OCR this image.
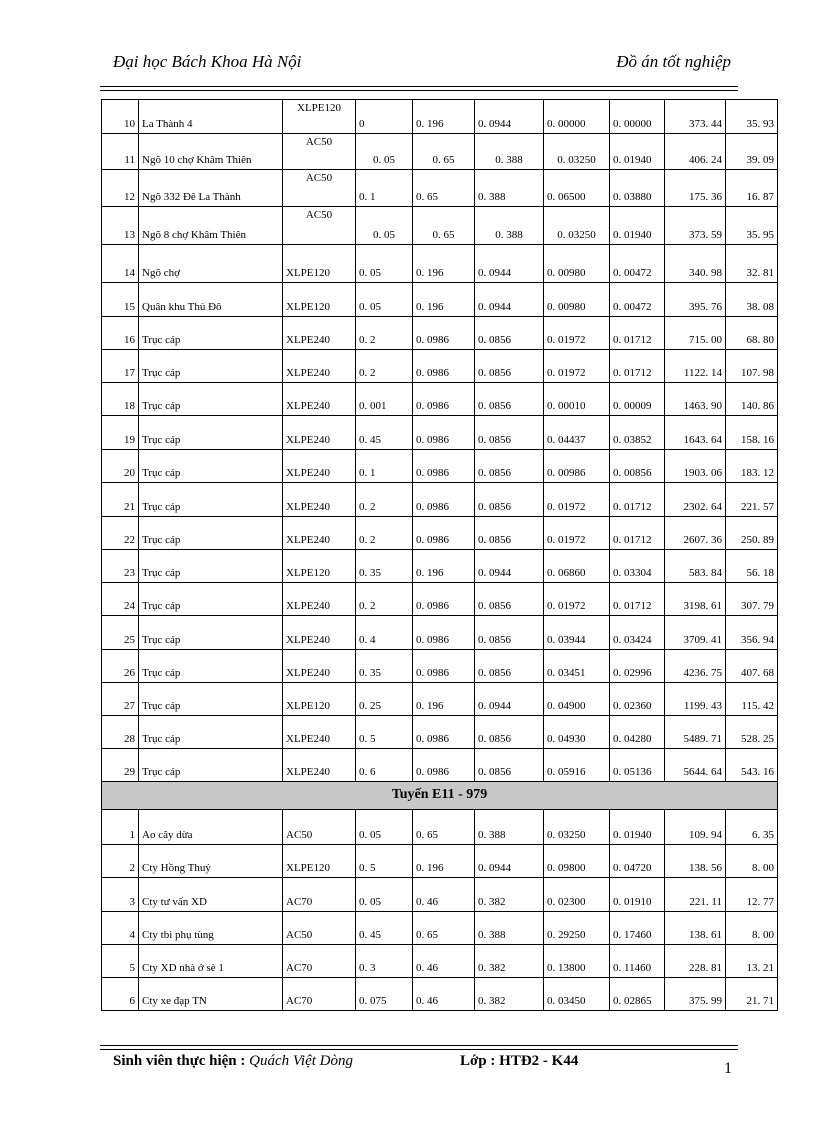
Đại học Bách Khoa Hà Nội	Đồ án tốt nghiệp
10	La Thành 4	XLPE120	0	0. 196	0. 0944	0. 00000	0. 00000	373. 44	35. 93
11	Ngõ 10 chợ Khâm Thiên	AC50	0. 05	0. 65	0. 388	0. 03250	0. 01940	406. 24	39. 09
12	Ngõ 332 Đê La Thành	AC50	0. 1	0. 65	0. 388	0. 06500	0. 03880	175. 36	16. 87
13	Ngõ 8 chợ Khâm Thiên	AC50	0. 05	0. 65	0. 388	0. 03250	0. 01940	373. 59	35. 95
14	Ngõ chợ	XLPE120	0. 05	0. 196	0. 0944	0. 00980	0. 00472	340. 98	32. 81
15	Quân khu Thủ Đô	XLPE120	0. 05	0. 196	0. 0944	0. 00980	0. 00472	395. 76	38. 08
16	Trục cáp	XLPE240	0. 2	0. 0986	0. 0856	0. 01972	0. 01712	715. 00	68. 80
17	Trục cáp	XLPE240	0. 2	0. 0986	0. 0856	0. 01972	0. 01712	1122. 14	107. 98
18	Trục cáp	XLPE240	0. 001	0. 0986	0. 0856	0. 00010	0. 00009	1463. 90	140. 86
19	Trục cáp	XLPE240	0. 45	0. 0986	0. 0856	0. 04437	0. 03852	1643. 64	158. 16
20	Trục cáp	XLPE240	0. 1	0. 0986	0. 0856	0. 00986	0. 00856	1903. 06	183. 12
21	Trục cáp	XLPE240	0. 2	0. 0986	0. 0856	0. 01972	0. 01712	2302. 64	221. 57
22	Trục cáp	XLPE240	0. 2	0. 0986	0. 0856	0. 01972	0. 01712	2607. 36	250. 89
23	Trục cáp	XLPE120	0. 35	0. 196	0. 0944	0. 06860	0. 03304	583. 84	56. 18
24	Trục cáp	XLPE240	0. 2	0. 0986	0. 0856	0. 01972	0. 01712	3198. 61	307. 79
25	Trục cáp	XLPE240	0. 4	0. 0986	0. 0856	0. 03944	0. 03424	3709. 41	356. 94
26	Trục cáp	XLPE240	0. 35	0. 0986	0. 0856	0. 03451	0. 02996	4236. 75	407. 68
27	Trục cáp	XLPE120	0. 25	0. 196	0. 0944	0. 04900	0. 02360	1199. 43	115. 42
28	Trục cáp	XLPE240	0. 5	0. 0986	0. 0856	0. 04930	0. 04280	5489. 71	528. 25
29	Trục cáp	XLPE240	0. 6	0. 0986	0. 0856	0. 05916	0. 05136	5644. 64	543. 16
Tuyến E11 - 979									
1	Ao cây dừa	AC50	0. 05	0. 65	0. 388	0. 03250	0. 01940	109. 94	6. 35
2	Cty Hồng Thuỷ	XLPE120	0. 5	0. 196	0. 0944	0. 09800	0. 04720	138. 56	8. 00
3	Cty tư vấn XD	AC70	0. 05	0. 46	0. 382	0. 02300	0. 01910	221. 11	12. 77
4	Cty tbi phụ tùng	AC50	0. 45	0. 65	0. 388	0. 29250	0. 17460	138. 61	8. 00
5	Cty XD nhà ở sè 1	AC70	0. 3	0. 46	0. 382	0. 13800	0. 11460	228. 81	13. 21
6	Cty xe đạp TN	AC70	0. 075	0. 46	0. 382	0. 03450	0. 02865	375. 99	21. 71
Sinh viên thực hiện : Quách Việt Dòng	Lớp : HTĐ2 - K44	1
